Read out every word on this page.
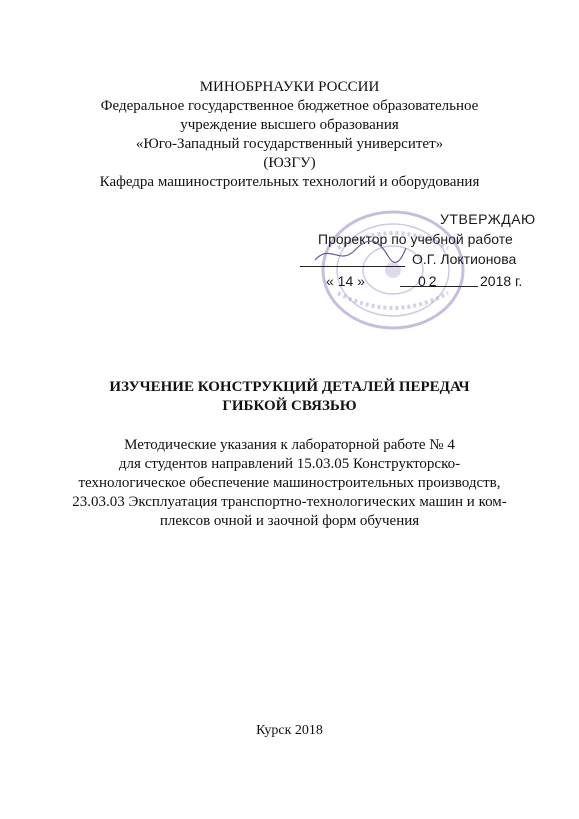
МИНОБРНАУКИ РОССИИ
Федеральное государственное бюджетное образовательное
учреждение высшего образования
«Юго-Западный государственный университет»
(ЮЗГУ)
Кафедра машиностроительных технологий и оборудования
УТВЕРЖДАЮ
Проректор по учебной работе
О.Г. Локтионова
« 14 »	02	2018 г.
ИЗУЧЕНИЕ КОНСТРУКЦИЙ ДЕТАЛЕЙ ПЕРЕДАЧ
ГИБКОЙ СВЯЗЬЮ
Методические указания к лабораторной работе № 4
для студентов направлений 15.03.05 Конструкторско-
технологическое обеспечение машиностроительных производств,
23.03.03 Эксплуатация транспортно-технологических машин и ком-
плексов очной и заочной форм обучения
Курск 2018
